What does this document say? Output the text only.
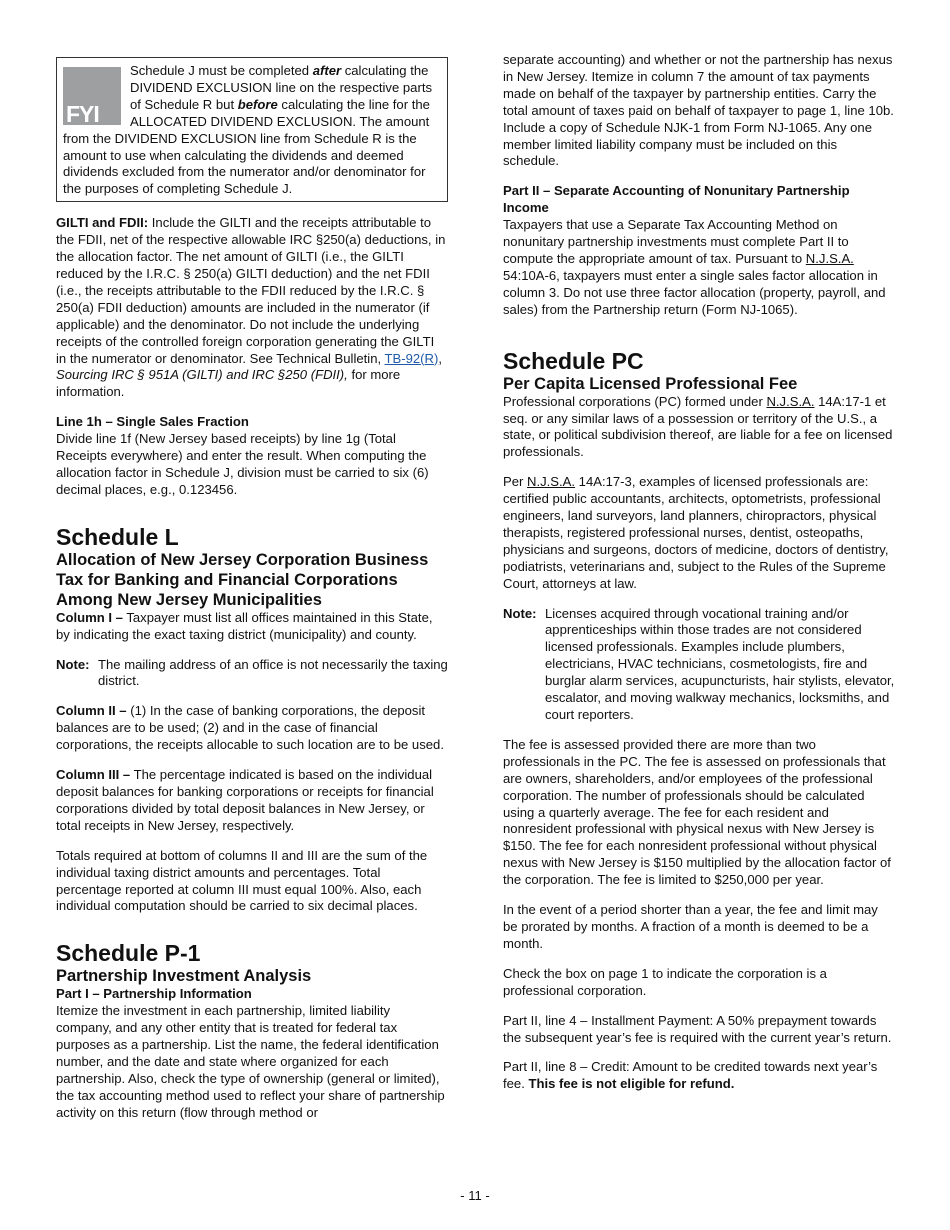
FYI

Schedule J must be completed after calculating the DIVIDEND EXCLUSION line on the respective parts of Schedule R but before calculating the line for the ALLOCATED DIVIDEND EXCLUSION. The amount from the DIVIDEND EXCLUSION line from Schedule R is the amount to use when calculating the dividends and deemed dividends excluded from the numerator and/or denominator for the purposes of completing Schedule J.

GILTI and FDII: Include the GILTI and the receipts attributable to the FDII, net of the respective allowable IRC §250(a) deductions, in the allocation factor. The net amount of GILTI (i.e., the GILTI reduced by the I.R.C. § 250(a) GILTI deduction) and the net FDII (i.e., the receipts attributable to the FDII reduced by the I.R.C. § 250(a) FDII deduction) amounts are included in the numerator (if applicable) and the denominator. Do not include the underlying receipts of the controlled foreign corporation generating the GILTI in the numerator or denominator. See Technical Bulletin, TB-92(R), Sourcing IRC § 951A (GILTI) and IRC §250 (FDII), for more information.

Line 1h – Single Sales Fraction

Divide line 1f (New Jersey based receipts) by line 1g (Total Receipts everywhere) and enter the result. When computing the allocation factor in Schedule J, division must be carried to six (6) decimal places, e.g., 0.123456.

Schedule L
Allocation of New Jersey Corporation Business Tax for Banking and Financial Corporations Among New Jersey Municipalities

Column I – Taxpayer must list all offices maintained in this State, by indicating the exact taxing district (municipality) and county.

Note: The mailing address of an office is not necessarily the taxing district.

Column II – (1) In the case of banking corporations, the deposit balances are to be used; (2) and in the case of financial corporations, the receipts allocable to such location are to be used.

Column III – The percentage indicated is based on the individual deposit balances for banking corporations or receipts for financial corporations divided by total deposit balances in New Jersey, or total receipts in New Jersey, respectively.

Totals required at bottom of columns II and III are the sum of the individual taxing district amounts and percentages. Total percentage reported at column III must equal 100%. Also, each individual computation should be carried to six decimal places.

Schedule P-1
Partnership Investment Analysis
Part I – Partnership Information

Itemize the investment in each partnership, limited liability company, and any other entity that is treated for federal tax purposes as a partnership. List the name, the federal identification number, and the date and state where organized for each partnership. Also, check the type of ownership (general or limited), the tax accounting method used to reflect your share of partnership activity on this return (flow through method or

separate accounting) and whether or not the partnership has nexus in New Jersey. Itemize in column 7 the amount of tax payments made on behalf of the taxpayer by partnership entities. Carry the total amount of taxes paid on behalf of taxpayer to page 1, line 10b. Include a copy of Schedule NJK-1 from Form NJ-1065. Any one member limited liability company must be included on this schedule.

Part II – Separate Accounting of Nonunitary Partnership Income

Taxpayers that use a Separate Tax Accounting Method on nonunitary partnership investments must complete Part II to compute the appropriate amount of tax. Pursuant to N.J.S.A. 54:10A-6, taxpayers must enter a single sales factor allocation in column 3. Do not use three factor allocation (property, payroll, and sales) from the Partnership return (Form NJ-1065).

Schedule PC
Per Capita Licensed Professional Fee

Professional corporations (PC) formed under N.J.S.A. 14A:17-1 et seq. or any similar laws of a possession or territory of the U.S., a state, or political subdivision thereof, are liable for a fee on licensed professionals.

Per N.J.S.A. 14A:17-3, examples of licensed professionals are: certified public accountants, architects, optometrists, professional engineers, land surveyors, land planners, chiropractors, physical therapists, registered professional nurses, dentist, osteopaths, physicians and surgeons, doctors of medicine, doctors of dentistry, podiatrists, veterinarians and, subject to the Rules of the Supreme Court, attorneys at law.

Note: Licenses acquired through vocational training and/or apprenticeships within those trades are not considered licensed professionals. Examples include plumbers, electricians, HVAC technicians, cosmetologists, fire and burglar alarm services, acupuncturists, hair stylists, elevator, escalator, and moving walkway mechanics, locksmiths, and court reporters.

The fee is assessed provided there are more than two professionals in the PC. The fee is assessed on professionals that are owners, shareholders, and/or employees of the professional corporation. The number of professionals should be calculated using a quarterly average. The fee for each resident and nonresident professional with physical nexus with New Jersey is $150. The fee for each nonresident professional without physical nexus with New Jersey is $150 multiplied by the allocation factor of the corporation. The fee is limited to $250,000 per year.

In the event of a period shorter than a year, the fee and limit may be prorated by months. A fraction of a month is deemed to be a month.

Check the box on page 1 to indicate the corporation is a professional corporation.

Part II, line 4 – Installment Payment: A 50% prepayment towards the subsequent year’s fee is required with the current year’s return.

Part II, line 8 – Credit: Amount to be credited towards next year’s fee. This fee is not eligible for refund.

- 11 -
